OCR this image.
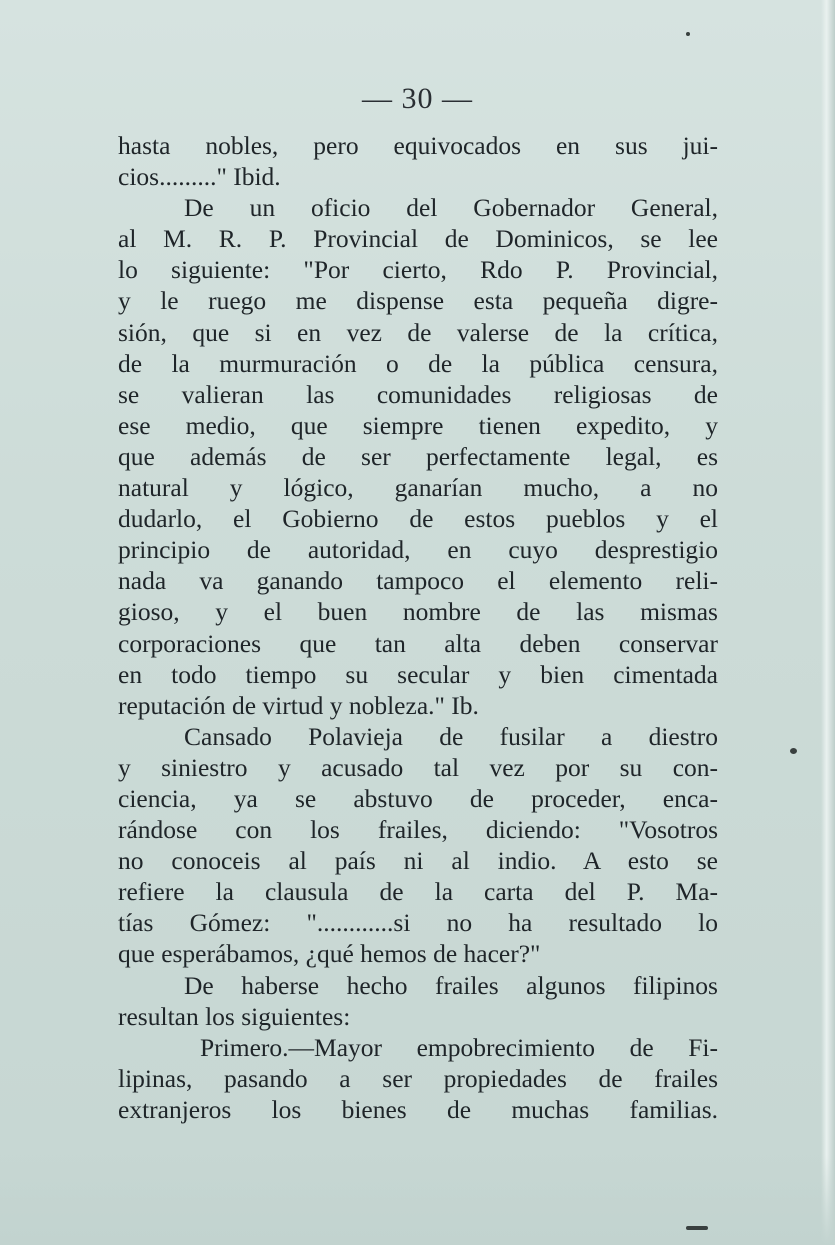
— 30 —
hasta nobles, pero equivocados en sus jui-
cios........." Ibid.
De un oficio del Gobernador General,
al M. R. P. Provincial de Dominicos, se lee
lo siguiente: "Por cierto, Rdo P. Provincial,
y le ruego me dispense esta pequeña digre-
sión, que si en vez de valerse de la crítica,
de la murmuración o de la pública censura,
se valieran las comunidades religiosas de
ese medio, que siempre tienen expedito, y
que además de ser perfectamente legal, es
natural y lógico, ganarían mucho, a no
dudarlo, el Gobierno de estos pueblos y el
principio de autoridad, en cuyo desprestigio
nada va ganando tampoco el elemento reli-
gioso, y el buen nombre de las mismas
corporaciones que tan alta deben conservar
en todo tiempo su secular y bien cimentada
reputación de virtud y nobleza." Ib.
Cansado Polavieja de fusilar a diestro
y siniestro y acusado tal vez por su con-
ciencia, ya se abstuvo de proceder, enca-
rándose con los frailes, diciendo: "Vosotros
no conoceis al país ni al indio. A esto se
refiere la clausula de la carta del P. Ma-
tías Gómez: "............si no ha resultado lo
que esperábamos, ¿qué hemos de hacer?"
De haberse hecho frailes algunos filipinos
resultan los siguientes:
Primero.—Mayor empobrecimiento de Fi-
lipinas, pasando a ser propiedades de frailes
extranjeros los bienes de muchas familias.
